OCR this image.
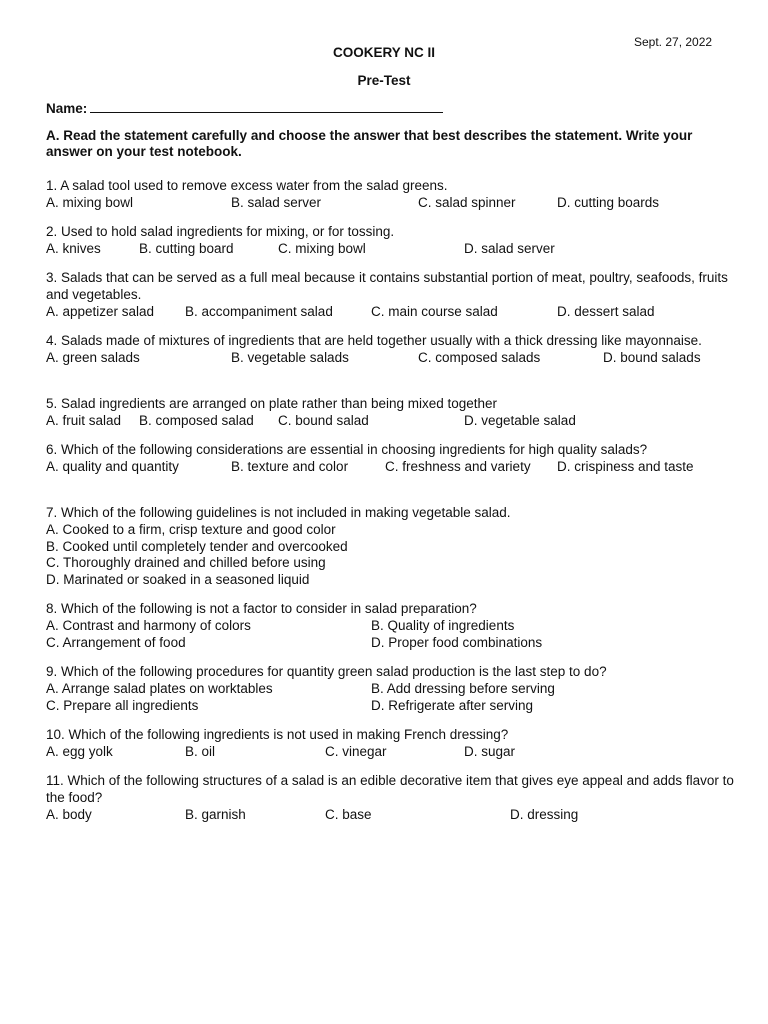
Sept. 27, 2022
COOKERY NC II
Pre-Test
Name:
A. Read the statement carefully and choose the answer that best describes the statement. Write your answer on your test notebook.
1. A salad tool used to remove excess water from the salad greens.
A. mixing bowl	B. salad server	C. salad spinner	D. cutting boards
2. Used to hold salad ingredients for mixing, or for tossing.
A. knives	B. cutting board	C. mixing bowl	D. salad server
3. Salads that can be served as a full meal because it contains substantial portion of meat, poultry, seafoods, fruits and vegetables.
A. appetizer salad B. accompaniment salad	C. main course salad	D. dessert salad
4. Salads made of mixtures of ingredients that are held together usually with a thick dressing like mayonnaise.
A. green salads	B. vegetable salads	C. composed salads	D. bound salads
5. Salad ingredients are arranged on plate rather than being mixed together
A. fruit salad B. composed salad C. bound salad	D. vegetable salad
6. Which of the following considerations are essential in choosing ingredients for high quality salads?
A. quality and quantity	B. texture and color	C. freshness and variety D. crispiness and taste
7. Which of the following guidelines is not included in making vegetable salad.
A. Cooked to a firm, crisp texture and good color
B. Cooked until completely tender and overcooked
C. Thoroughly drained and chilled before using
D. Marinated or soaked in a seasoned liquid
8. Which of the following is not a factor to consider in salad preparation?
A. Contrast and harmony of colors	B. Quality of ingredients
C. Arrangement of food	D. Proper food combinations
9. Which of the following procedures for quantity green salad production is the last step to do?
A. Arrange salad plates on worktables	B. Add dressing before serving
C. Prepare all ingredients	D. Refrigerate after serving
10. Which of the following ingredients is not used in making French dressing?
A. egg yolk	B. oil	C. vinegar	D. sugar
11. Which of the following structures of a salad is an edible decorative item that gives eye appeal and adds flavor to the food?
A. body	B. garnish	C. base	D. dressing
